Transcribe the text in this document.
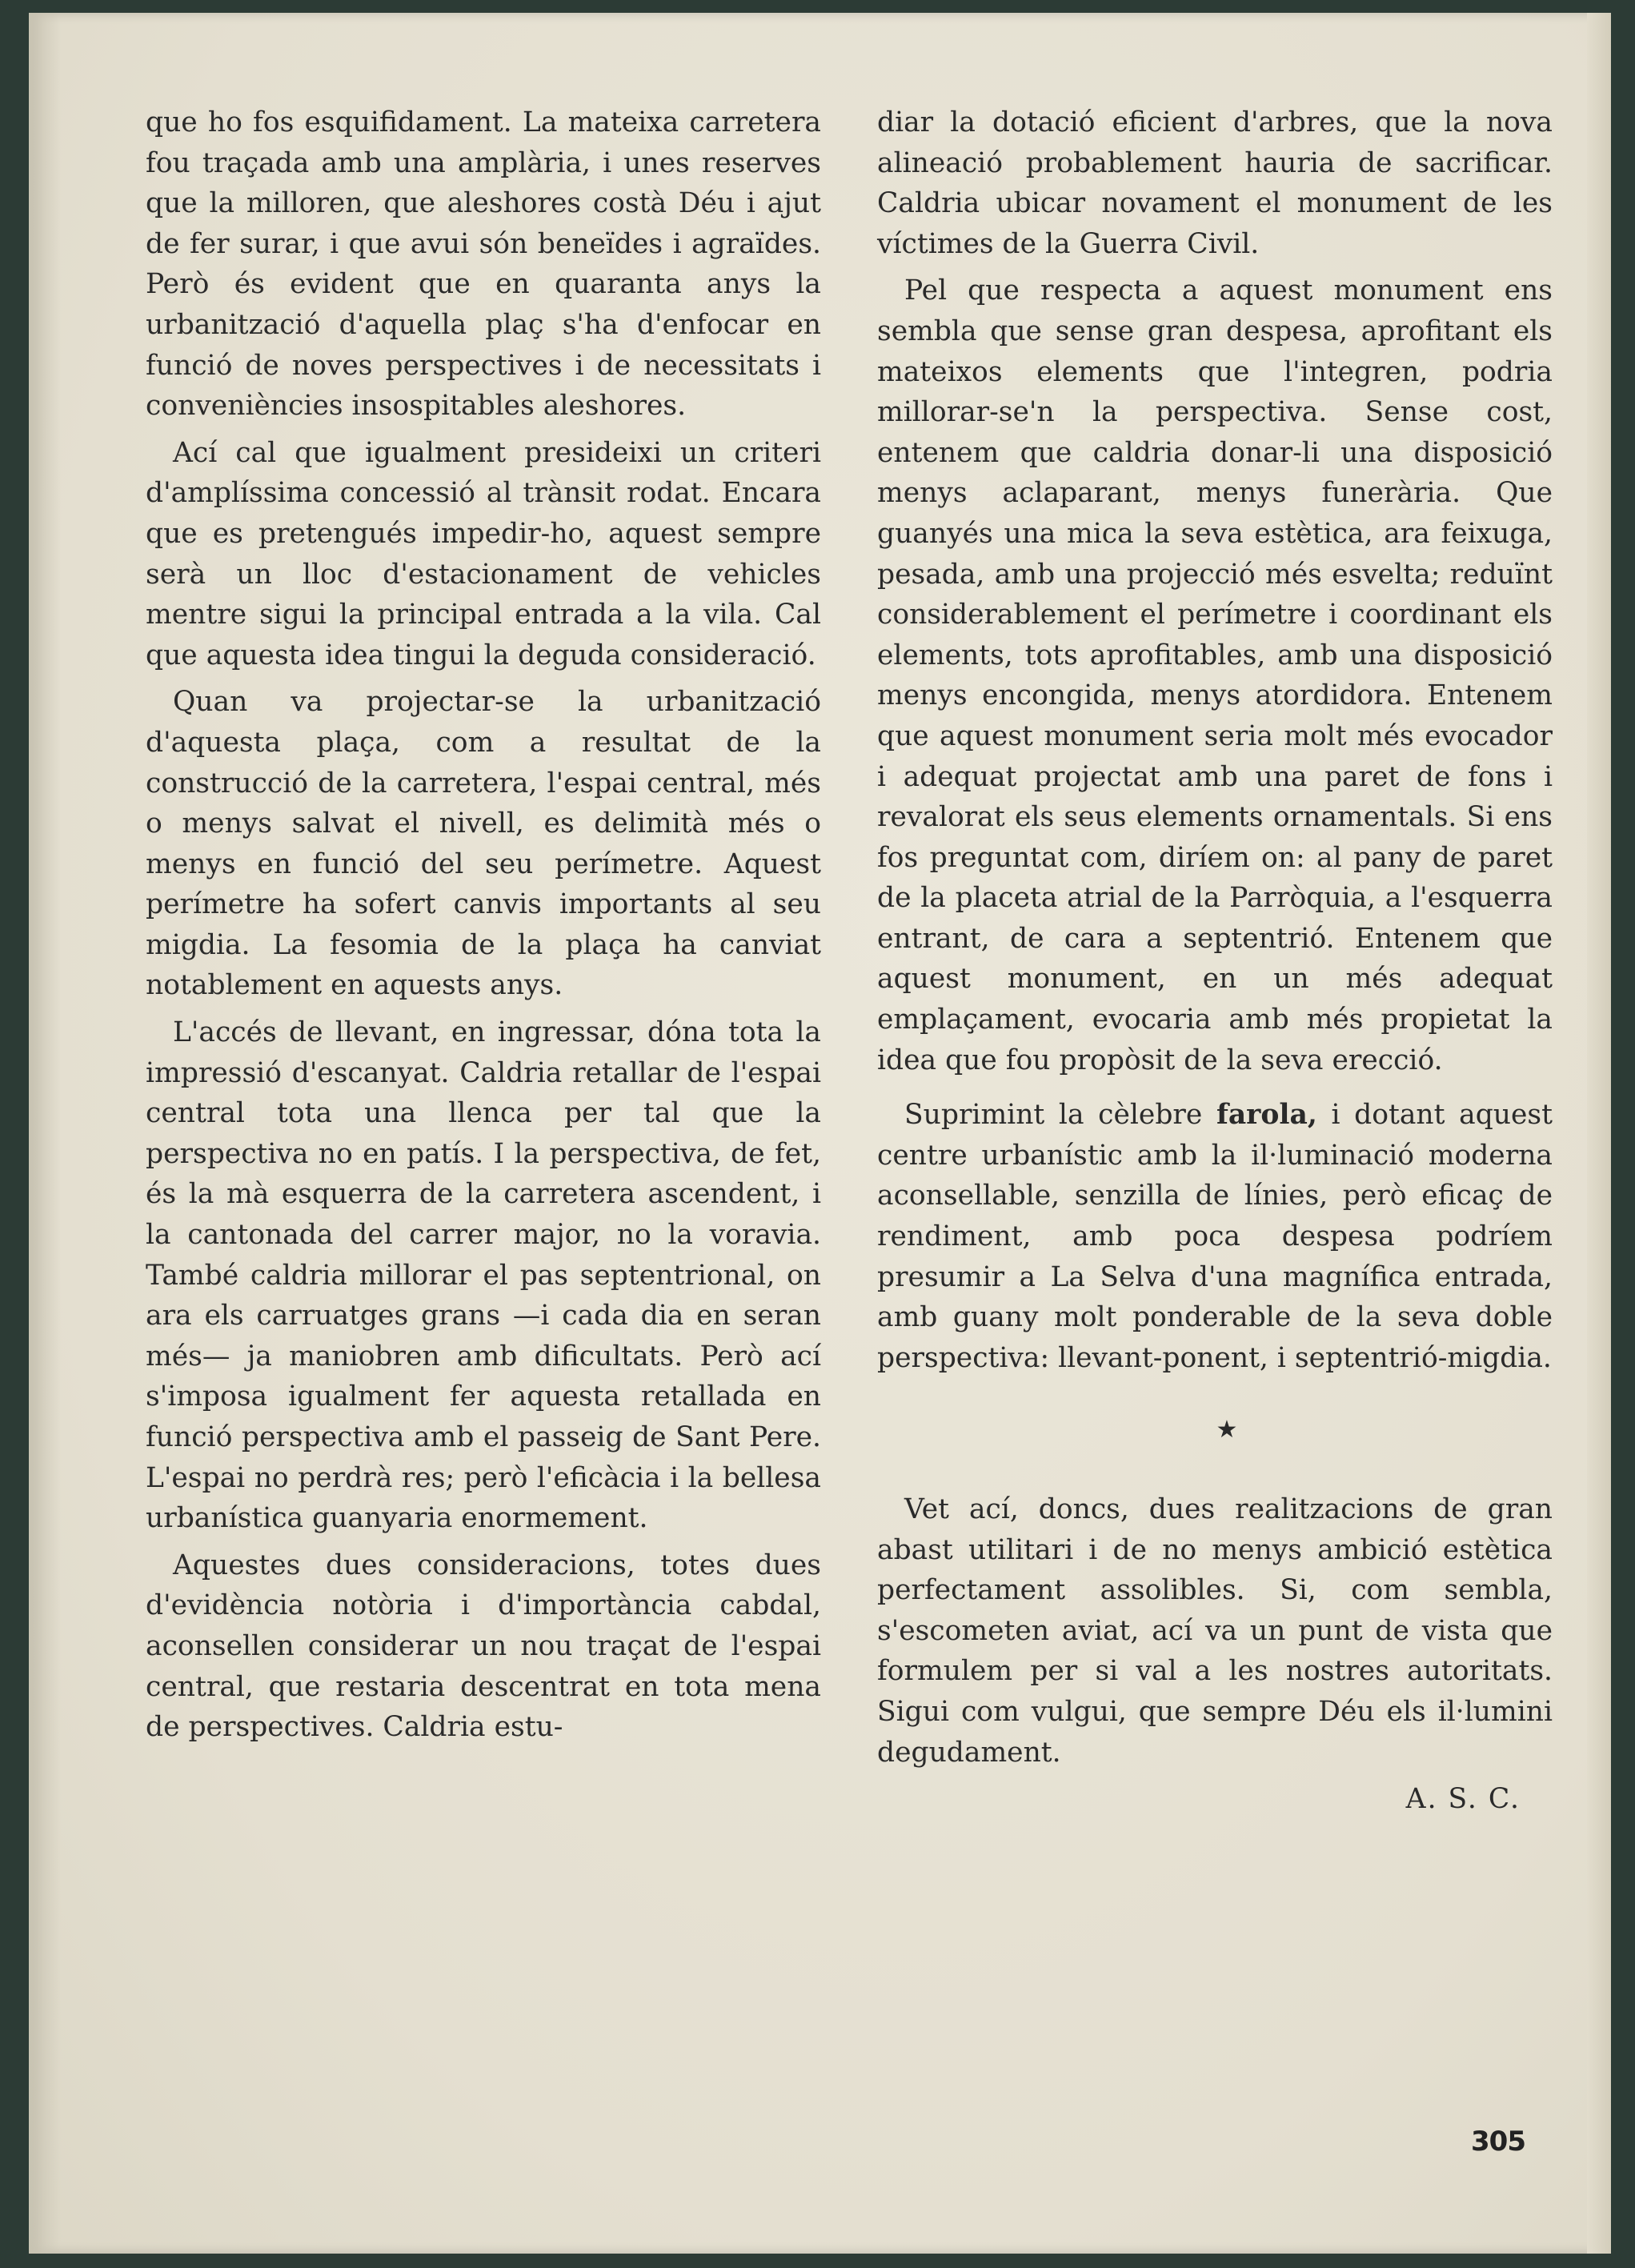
que ho fos esquifidament. La mateixa carretera fou traçada amb una amplària, i unes reserves que la milloren, que aleshores costà Déu i ajut de fer surar, i que avui són beneïdes i agraïdes. Però és evident que en quaranta anys la urbanització d'aquella plaç s'ha d'enfocar en funció de noves perspectives i de necessitats i conveniències insospitables aleshores.

Ací cal que igualment presideixi un criteri d'amplíssima concessió al trànsit rodat. Encara que es pretengués impedir-ho, aquest sempre serà un lloc d'estacionament de vehicles mentre sigui la principal entrada a la vila. Cal que aquesta idea tingui la deguda consideració.

Quan va projectar-se la urbanització d'aquesta plaça, com a resultat de la construcció de la carretera, l'espai central, més o menys salvat el nivell, es delimità més o menys en funció del seu perímetre. Aquest perímetre ha sofert canvis importants al seu migdia. La fesomia de la plaça ha canviat notablement en aquests anys.

L'accés de llevant, en ingressar, dóna tota la impressió d'escanyat. Caldria retallar de l'espai central tota una llenca per tal que la perspectiva no en patís. I la perspectiva, de fet, és la mà esquerra de la carretera ascendent, i la cantonada del carrer major, no la voravia. També caldria millorar el pas septentrional, on ara els carruatges grans —i cada dia en seran més— ja maniobren amb dificultats. Però ací s'imposa igualment fer aquesta retallada en funció perspectiva amb el passeig de Sant Pere. L'espai no perdrà res; però l'eficàcia i la bellesa urbanística guanyaria enormement.

Aquestes dues consideracions, totes dues d'evidència notòria i d'importància cabdal, aconsellen considerar un nou traçat de l'espai central, que restaria descentrat en tota mena de perspectives. Caldria estu-

diar la dotació eficient d'arbres, que la nova alineació probablement hauria de sacrificar. Caldria ubicar novament el monument de les víctimes de la Guerra Civil.

Pel que respecta a aquest monument ens sembla que sense gran despesa, aprofitant els mateixos elements que l'integren, podria millorar-se'n la perspectiva. Sense cost, entenem que caldria donar-li una disposició menys aclaparant, menys funerària. Que guanyés una mica la seva estètica, ara feixuga, pesada, amb una projecció més esvelta; reduïnt considerablement el perímetre i coordinant els elements, tots aprofitables, amb una disposició menys encongida, menys atordidora. Entenem que aquest monument seria molt més evocador i adequat projectat amb una paret de fons i revalorat els seus elements ornamentals. Si ens fos preguntat com, diríem on: al pany de paret de la placeta atrial de la Parròquia, a l'esquerra entrant, de cara a septentrió. Entenem que aquest monument, en un més adequat emplaçament, evocaria amb més propietat la idea que fou propòsit de la seva erecció.

Suprimint la cèlebre farola, i dotant aquest centre urbanístic amb la il·luminació moderna aconsellable, senzilla de línies, però eficaç de rendiment, amb poca despesa podríem presumir a La Selva d'una magnífica entrada, amb guany molt ponderable de la seva doble perspectiva: llevant-ponent, i septentrió-migdia.

★

Vet ací, doncs, dues realitzacions de gran abast utilitari i de no menys ambició estètica perfectament assolibles. Si, com sembla, s'escometen aviat, ací va un punt de vista que formulem per si val a les nostres autoritats. Sigui com vulgui, que sempre Déu els il·lumini degudament.

A. S. C.
305
